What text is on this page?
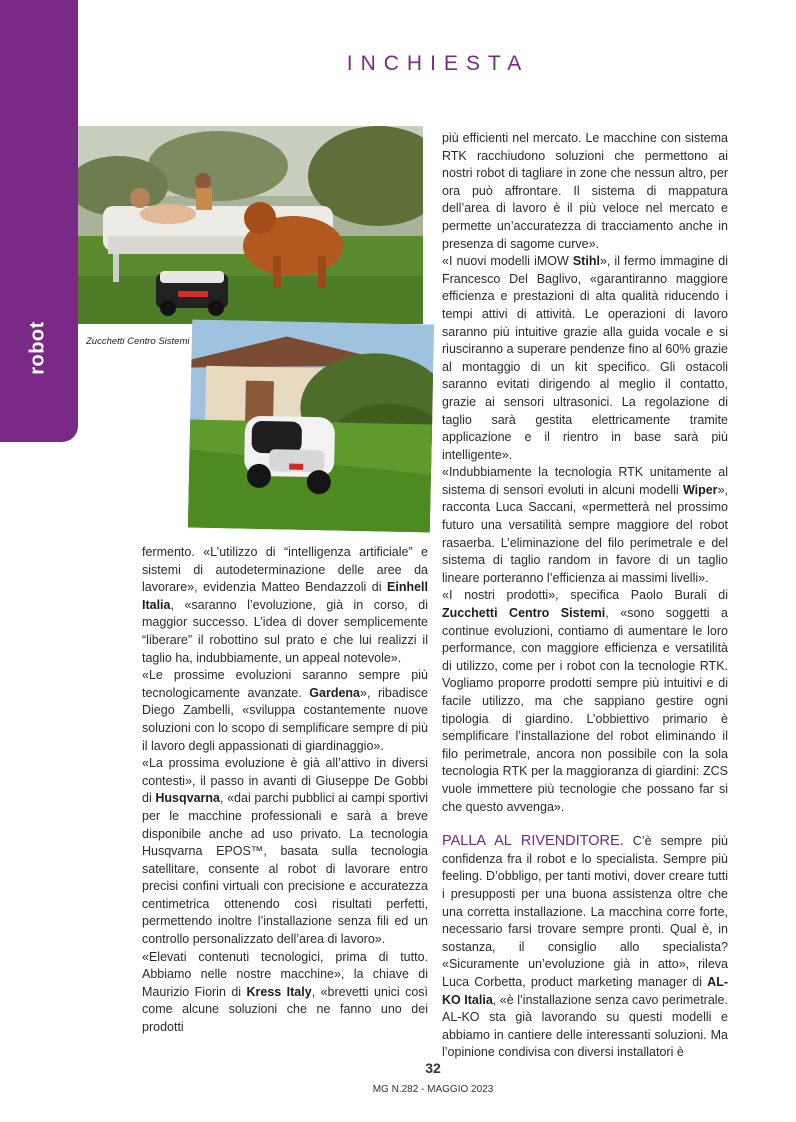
robot
INCHIESTA
Zucchetti Centro Sistemi

fermento. «L’utilizzo di “intelligenza artificiale” e sistemi di autodeterminazione delle aree da lavorare», evidenzia Matteo Bendazzoli di Einhell Italia, «saranno l’evoluzione, già in corso, di maggior successo. L’idea di dover semplicemente “liberare” il robottino sul prato e che lui realizzi il taglio ha, indubbiamente, un appeal notevole».

«Le prossime evoluzioni saranno sempre più tecnologicamente avanzate. Gardena», ribadisce Diego Zambelli, «sviluppa costantemente nuove soluzioni con lo scopo di semplificare sempre di più il lavoro degli appassionati di giardinaggio».

«La prossima evoluzione è già all’attivo in diversi contesti», il passo in avanti di Giuseppe De Gobbi di Husqvarna, «dai parchi pubblici ai campi sportivi per le macchine professionali e sarà a breve disponibile anche ad uso privato. La tecnologia Husqvarna EPOS™, basata sulla tecnologia satellitare, consente al robot di lavorare entro precisi confini virtuali con precisione e accuratezza centimetrica ottenendo così risultati perfetti, permettendo inoltre l’installazione senza fili ed un controllo personalizzato dell’area di lavoro».

«Elevati contenuti tecnologici, prima di tutto. Abbiamo nelle nostre macchine», la chiave di Maurizio Fiorin di Kress Italy, «brevetti unici così come alcune soluzioni che ne fanno uno dei prodotti

più efficienti nel mercato. Le macchine con sistema RTK racchiudono soluzioni che permettono ai nostri robot di tagliare in zone che nessun altro, per ora può affrontare. Il sistema di mappatura dell’area di lavoro è il più veloce nel mercato e permette un’accuratezza di tracciamento anche in presenza di sagome curve».

«I nuovi modelli iMOW Stihl», il fermo immagine di Francesco Del Baglivo, «garantiranno maggiore efficienza e prestazioni di alta qualità riducendo i tempi attivi di attività. Le operazioni di lavoro saranno più intuitive grazie alla guida vocale e si riusciranno a superare pendenze fino al 60% grazie al montaggio di un kit specifico. Gli ostacoli saranno evitati dirigendo al meglio il contatto, grazie ai sensori ultrasonici. La regolazione di taglio sarà gestita elettricamente tramite applicazione e il rientro in base sarà più intelligente».

«Indubbiamente la tecnologia RTK unitamente al sistema di sensori evoluti in alcuni modelli Wiper», racconta Luca Saccani, «permetterà nel prossimo futuro una versatilità sempre maggiore del robot rasaerba. L’eliminazione del filo perimetrale e del sistema di taglio random in favore di un taglio lineare porteranno l’efficienza ai massimi livelli».

«I nostri prodotti», specifica Paolo Burali di Zucchetti Centro Sistemi, «sono soggetti a continue evoluzioni, contiamo di aumentare le loro performance, con maggiore efficienza e versatilità di utilizzo, come per i robot con la tecnologie RTK. Vogliamo proporre prodotti sempre più intuitivi e di facile utilizzo, ma che sappiano gestire ogni tipologia di giardino. L’obbiettivo primario è semplificare l’installazione del robot eliminando il filo perimetrale, ancora non possibile con la sola tecnologia RTK per la maggioranza di giardini: ZCS vuole immettere più tecnologie che possano far si che questo avvenga».

PALLA AL RIVENDITORE. C’è sempre più confidenza fra il robot e lo specialista. Sempre più feeling. D’obbligo, per tanti motivi, dover creare tutti i presupposti per una buona assistenza oltre che una corretta installazione. La macchina corre forte, necessario farsi trovare sempre pronti. Qual è, in sostanza, il consiglio allo specialista? «Sicuramente un’evoluzione già in atto», rileva Luca Corbetta, product marketing manager di AL-KO Italia, «è l’installazione senza cavo perimetrale. AL-KO sta già lavorando su questi modelli e abbiamo in cantiere delle interessanti soluzioni. Ma l’opinione condivisa con diversi installatori è

32
MG N.282 - MAGGIO 2023
